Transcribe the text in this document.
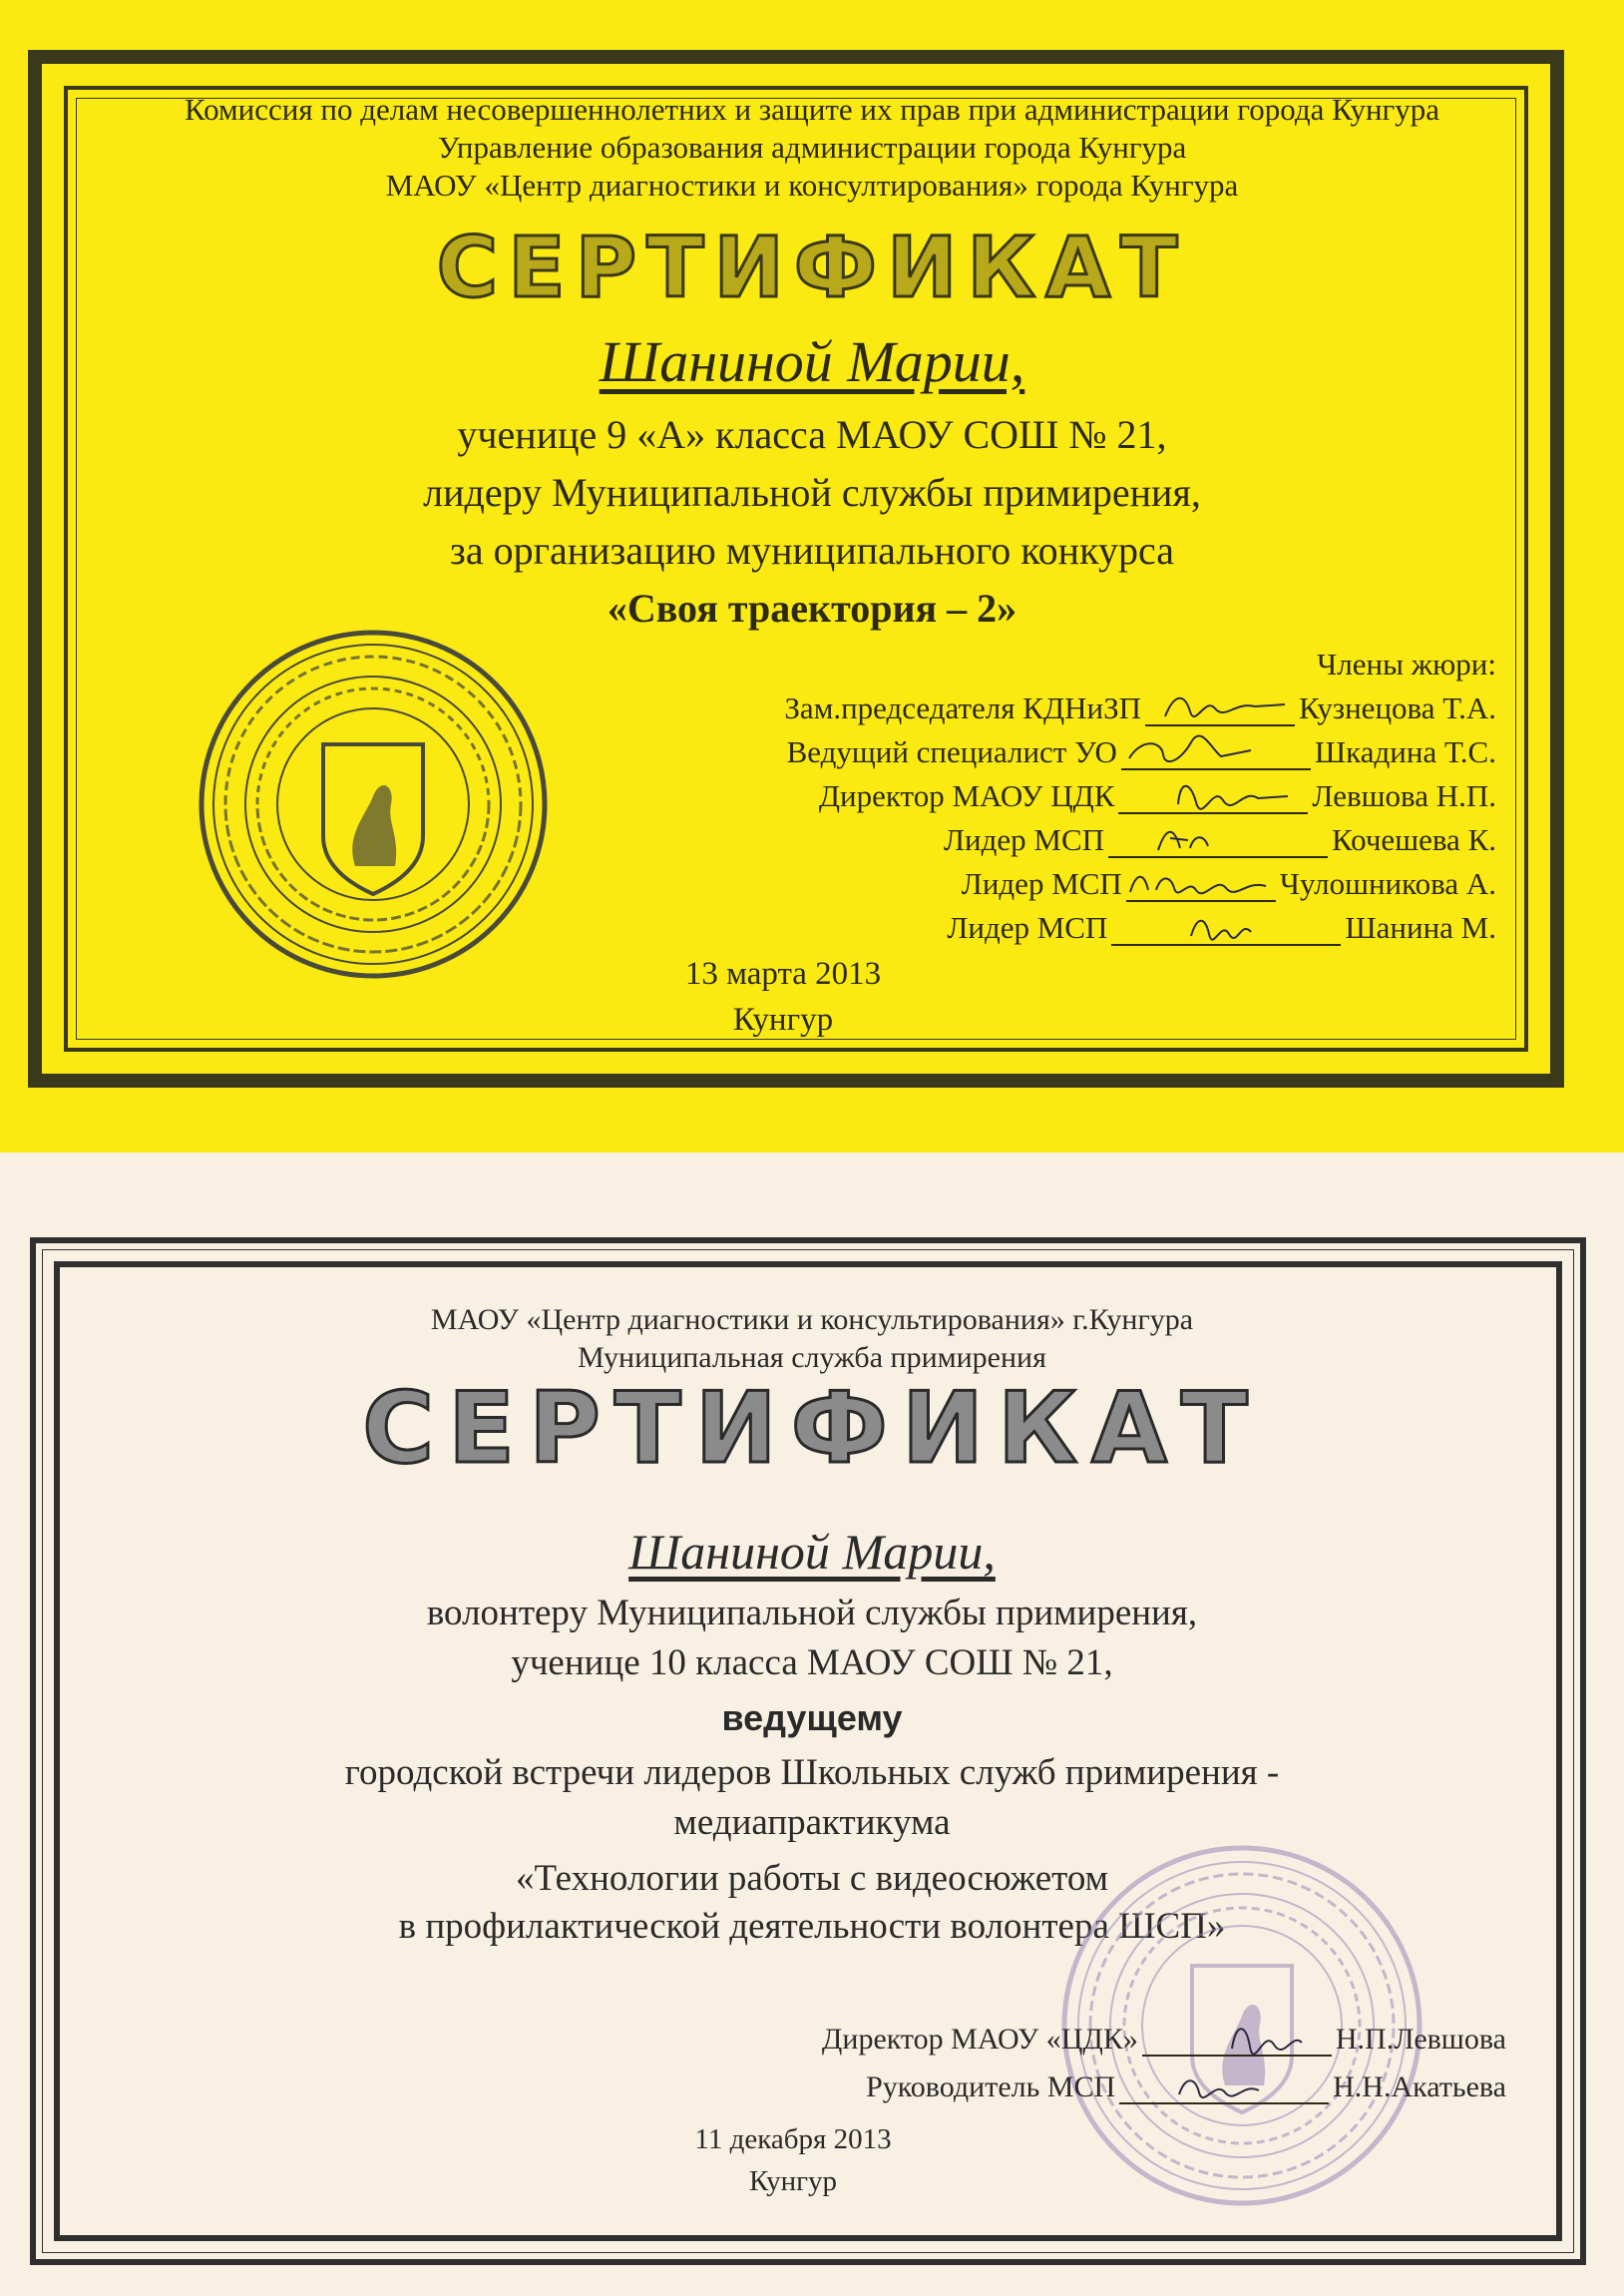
Комиссия по делам несовершеннолетних и защите их прав при администрации города Кунгура
Управление образования администрации города Кунгура
МАОУ «Центр диагностики и консултирования» города Кунгура
СЕРТИФИКАТ
Шаниной Марии,
ученице 9 «А» класса МАОУ СОШ № 21,
лидеру Муниципальной службы примирения,
за организацию муниципального конкурса
«Своя траектория – 2»
Члены жюри:
Зам.председателя КДНиЗП	Кузнецова Т.А.
Ведущий специалист УО	Шкадина Т.С.
Директор МАОУ ЦДК	Левшова Н.П.
Лидер МСП	Кочешева К.
Лидер МСП	Чулошникова А.
Лидер МСП	Шанина М.
13 марта 2013
Кунгур
МАОУ «Центр диагностики и консультирования» г.Кунгура
Муниципальная служба примирения
СЕРТИФИКАТ
Шаниной Марии,
волонтеру Муниципальной службы примирения,
ученице 10 класса МАОУ СОШ № 21,
ведущему
городской встречи лидеров Школьных служб примирения -
медиапрактикума
«Технологии работы с видеосюжетом
в профилактической деятельности волонтера ШСП»
Директор МАОУ «ЦДК»	Н.П.Левшова
Руководитель МСП	Н.Н.Акатьева
11 декабря 2013
Кунгур
